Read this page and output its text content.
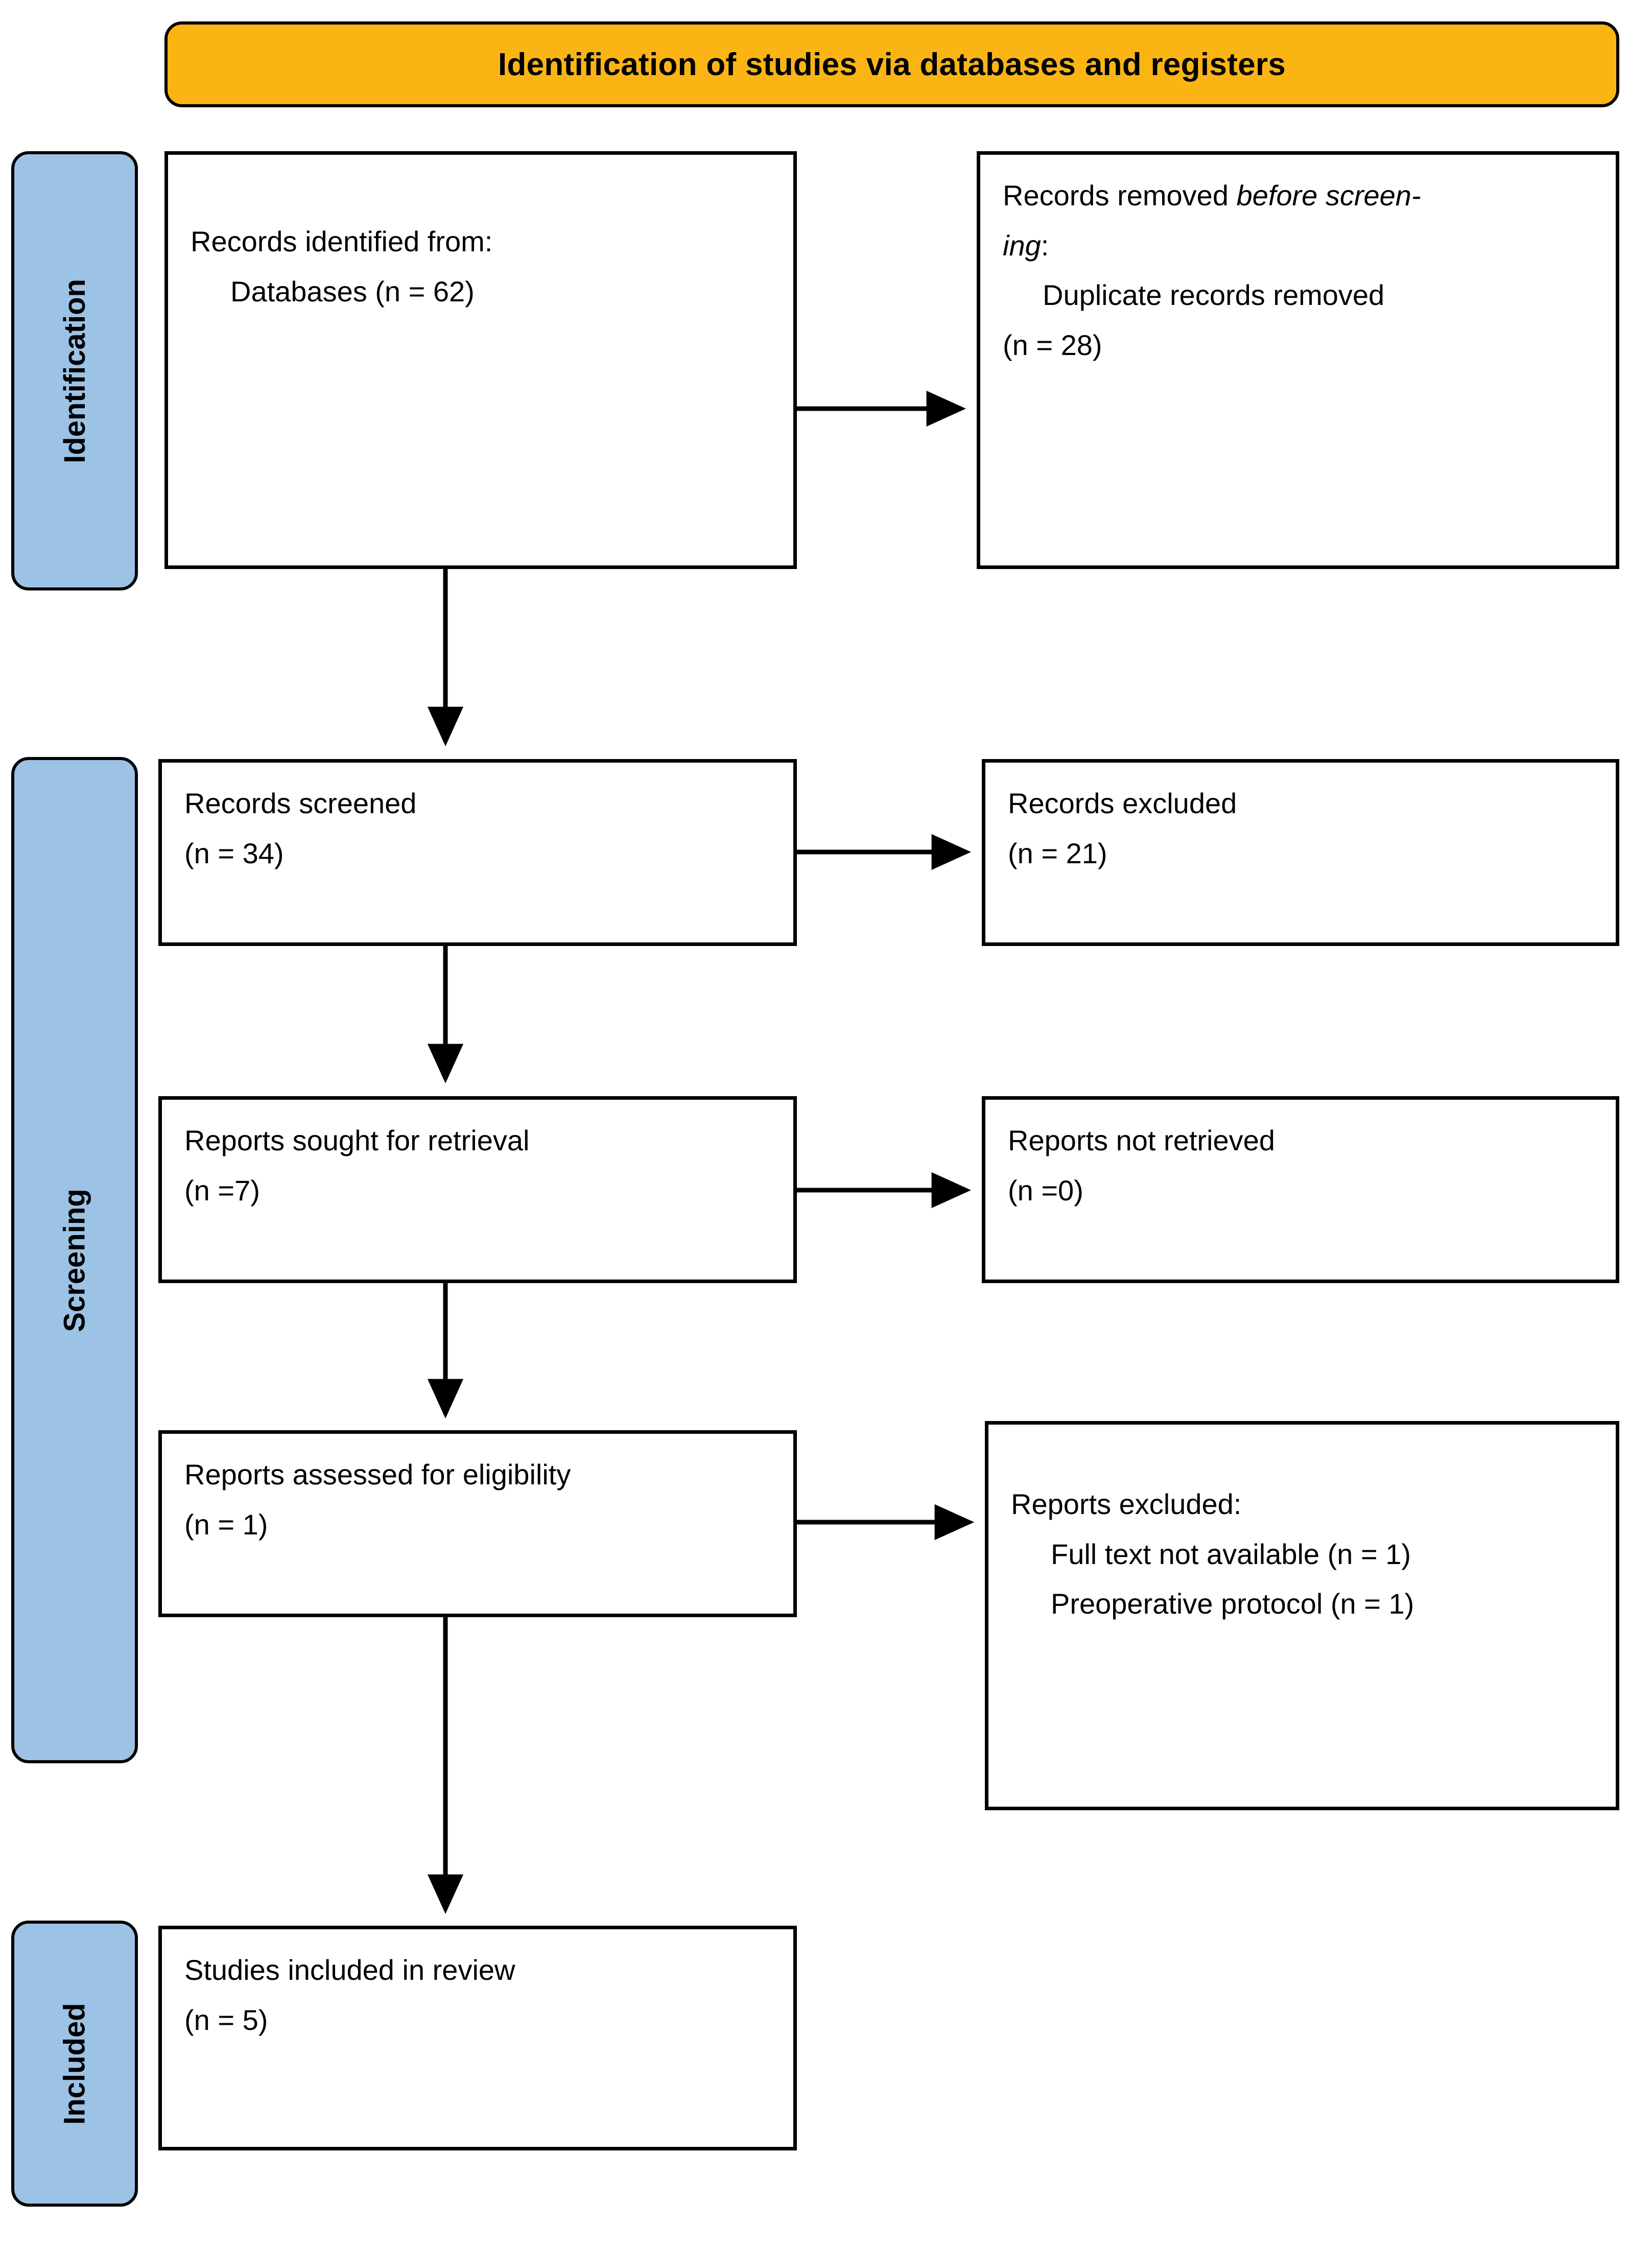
Identification of studies via databases and registers
Identification
Screening
Included

Records identified from:

Databases (n = 62)

Records removed before screen-

ing:

Duplicate records removed

(n = 28)

Records screened

(n = 34)

Records excluded

(n = 21)

Reports sought for retrieval

(n =7)

Reports not retrieved

(n =0)

Reports assessed for eligibility

(n = 1)

Reports excluded:

Full text not available (n = 1)

Preoperative protocol (n = 1)

Studies included in review

(n = 5)
